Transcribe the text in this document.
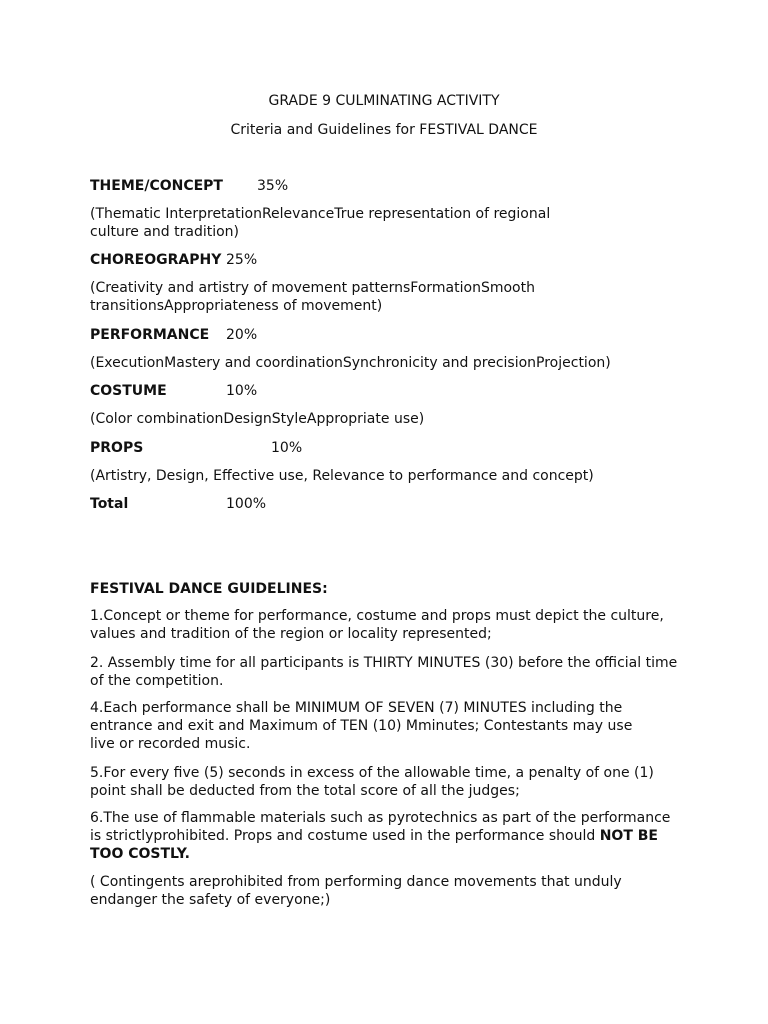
GRADE 9 CULMINATING ACTIVITY
Criteria and Guidelines for FESTIVAL DANCE
THEME/CONCEPT 35%
(Thematic InterpretationRelevanceTrue representation of regional culture and tradition)
CHOREOGRAPHY 25%
(Creativity and artistry of movement patternsFormationSmooth transitionsAppropriateness of movement)
PERFORMANCE 20%
(ExecutionMastery and coordinationSynchronicity and precisionProjection)
COSTUME	10%
(Color combinationDesignStyleAppropriate use)
PROPS	10%
(Artistry, Design, Effective use, Relevance to performance and concept)
Total	100%
FESTIVAL DANCE GUIDELINES:
1.Concept or theme for performance, costume and props must depict the culture, values and tradition of the region or locality represented;
2. Assembly time for all participants is THIRTY MINUTES (30) before the official time of the competition.
4.Each performance shall be MINIMUM OF SEVEN (7) MINUTES including the entrance and exit and Maximum of TEN (10) Mminutes; Contestants may use live or recorded music.
5.For every five (5) seconds in excess of the allowable time, a penalty of one (1) point shall be deducted from the total score of all the judges;
6.The use of flammable materials such as pyrotechnics as part of the performance is strictlyprohibited. Props and costume used in the performance should NOT BE TOO COSTLY.
( Contingents areprohibited from performing dance movements that unduly endanger the safety of everyone;)
